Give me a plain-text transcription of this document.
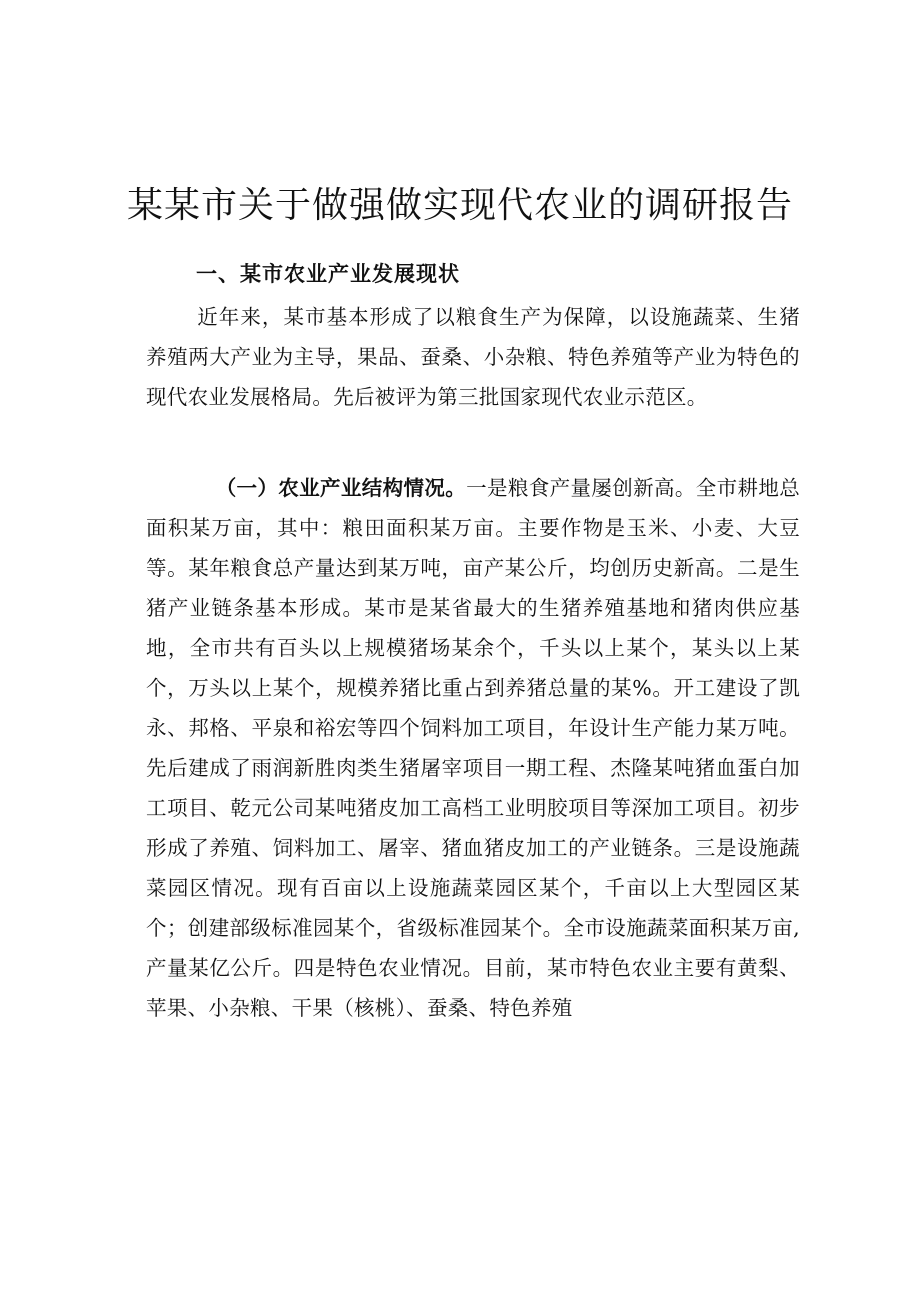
某某市关于做强做实现代农业的调研报告
一、某市农业产业发展现状

近年来，某市基本形成了以粮食生产为保障，以设施蔬菜、生猪养殖两大产业为主导，果品、蚕桑、小杂粮、特色养殖等产业为特色的现代农业发展格局。先后被评为第三批国家现代农业示范区。

（一）农业产业结构情况。一是粮食产量屡创新高。全市耕地总面积某万亩，其中：粮田面积某万亩。主要作物是玉米、小麦、大豆等。某年粮食总产量达到某万吨，亩产某公斤，均创历史新高。二是生猪产业链条基本形成。某市是某省最大的生猪养殖基地和猪肉供应基地，全市共有百头以上规模猪场某余个，千头以上某个，某头以上某个，万头以上某个，规模养猪比重占到养猪总量的某%。开工建设了凯永、邦格、平泉和裕宏等四个饲料加工项目，年设计生产能力某万吨。先后建成了雨润新胜肉类生猪屠宰项目一期工程、杰隆某吨猪血蛋白加工项目、乾元公司某吨猪皮加工高档工业明胶项目等深加工项目。初步形成了养殖、饲料加工、屠宰、猪血猪皮加工的产业链条。三是设施蔬菜园区情况。现有百亩以上设施蔬菜园区某个，千亩以上大型园区某个；创建部级标准园某个，省级标准园某个。全市设施蔬菜面积某万亩,产量某亿公斤。四是特色农业情况。目前，某市特色农业主要有黄梨、苹果、小杂粮、干果（核桃）、蚕桑、特色养殖
